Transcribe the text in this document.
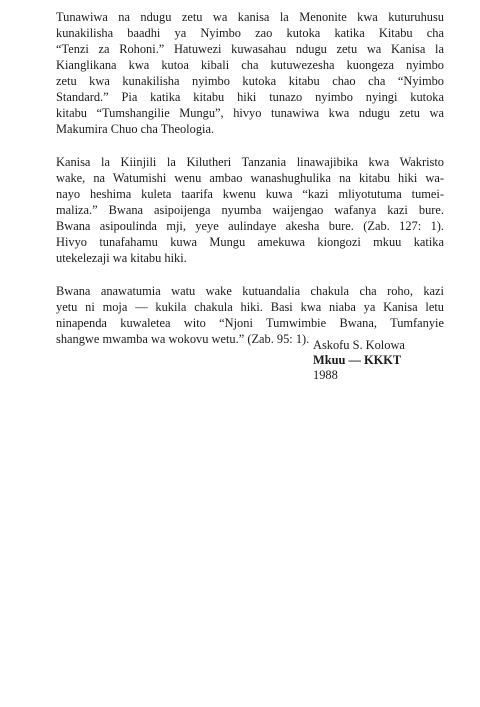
Tunawiwa na ndugu zetu wa kanisa la Menonite kwa kuturuhusu
kunakilisha baadhi ya Nyimbo zao kutoka katika Kitabu cha
“Tenzi za Rohoni.” Hatuwezi kuwasahau ndugu zetu wa Kanisa la
Kianglikana kwa kutoa kibali cha kutuwezesha kuongeza nyimbo
zetu kwa kunakilisha nyimbo kutoka kitabu chao cha “Nyimbo
Standard.” Pia katika kitabu hiki tunazo nyimbo nyingi kutoka
kitabu “Tumshangilie Mungu”, hivyo tunawiwa kwa ndugu zetu wa
Makumira Chuo cha Theologia.

Kanisa la Kiinjili la Kilutheri Tanzania linawajibika kwa Wakristo
wake, na Watumishi wenu ambao wanashughulika na kitabu hiki wa-
nayo heshima kuleta taarifa kwenu kuwa “kazi mliyotutuma tumei-
maliza.” Bwana asipoijenga nyumba waijengao wafanya kazi bure.
Bwana asipoulinda mji, yeye aulindaye akesha bure. (Zab. 127: 1).
Hivyo tunafahamu kuwa Mungu amekuwa kiongozi mkuu katika
utekelezaji wa kitabu hiki.

Bwana anawatumia watu wake kutuandalia chakula cha roho, kazi
yetu ni moja — kukila chakula hiki. Basi kwa niaba ya Kanisa letu
ninapenda kuwaletea wito “Njoni Tumwimbie Bwana, Tumfanyie
shangwe mwamba wa wokovu wetu.” (Zab. 95: 1). Askofu S. Kolowa
Mkuu — KKKT
1988
